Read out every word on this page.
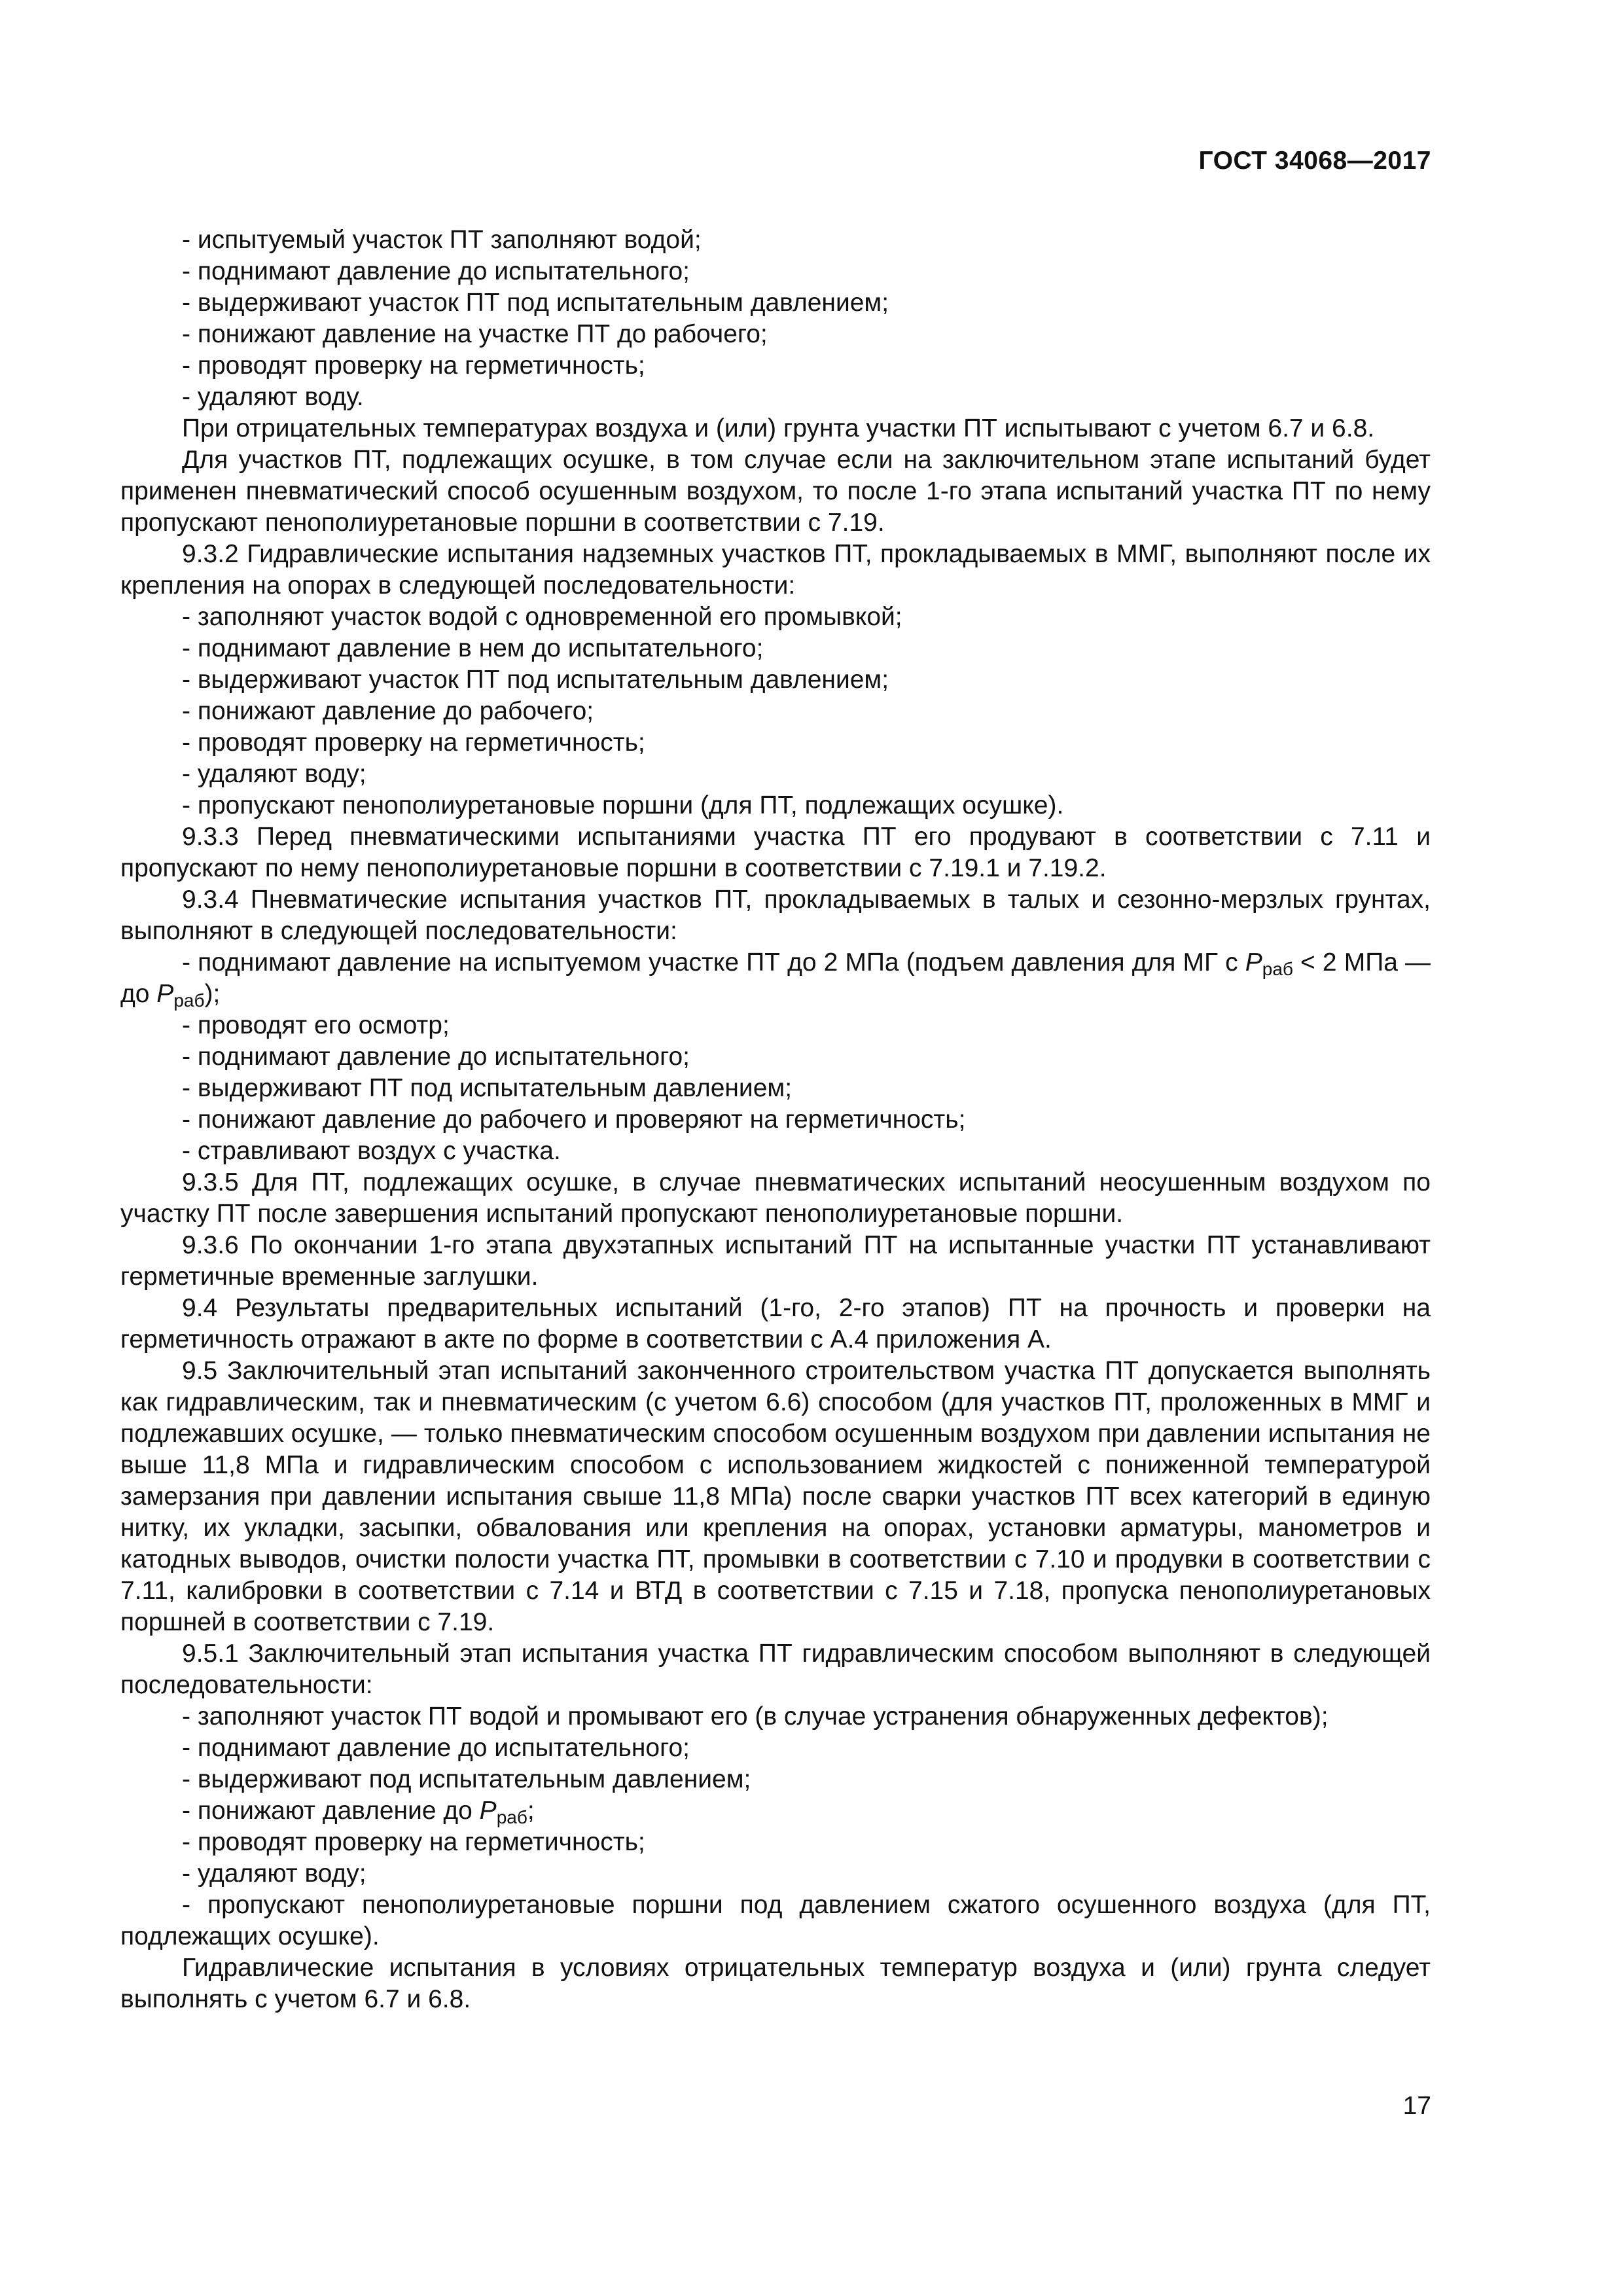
ГОСТ 34068—2017

- испытуемый участок ПТ заполняют водой;

- поднимают давление до испытательного;

- выдерживают участок ПТ под испытательным давлением;

- понижают давление на участке ПТ до рабочего;

- проводят проверку на герметичность;

- удаляют воду.

При отрицательных температурах воздуха и (или) грунта участки ПТ испытывают с учетом 6.7 и 6.8.

Для участков ПТ, подлежащих осушке, в том случае если на заключительном этапе испытаний будет применен пневматический способ осушенным воздухом, то после 1-го этапа испытаний участка ПТ по нему пропускают пенополиуретановые поршни в соответствии с 7.19.

9.3.2 Гидравлические испытания надземных участков ПТ, прокладываемых в ММГ, выполняют после их крепления на опорах в следующей последовательности:

- заполняют участок водой с одновременной его промывкой;

- поднимают давление в нем до испытательного;

- выдерживают участок ПТ под испытательным давлением;

- понижают давление до рабочего;

- проводят проверку на герметичность;

- удаляют воду;

- пропускают пенополиуретановые поршни (для ПТ, подлежащих осушке).

9.3.3 Перед пневматическими испытаниями участка ПТ его продувают в соответствии с 7.11 и пропускают по нему пенополиуретановые поршни в соответствии с 7.19.1 и 7.19.2.

9.3.4 Пневматические испытания участков ПТ, прокладываемых в талых и сезонно-мерзлых грунтах, выполняют в следующей последовательности:

- поднимают давление на испытуемом участке ПТ до 2 МПа (подъем давления для МГ с $P_{раб} < 2$ МПа — до $P_{раб}$);

- проводят его осмотр;

- поднимают давление до испытательного;

- выдерживают ПТ под испытательным давлением;

- понижают давление до рабочего и проверяют на герметичность;

- стравливают воздух с участка.

9.3.5 Для ПТ, подлежащих осушке, в случае пневматических испытаний неосушенным воздухом по участку ПТ после завершения испытаний пропускают пенополиуретановые поршни.

9.3.6 По окончании 1-го этапа двухэтапных испытаний ПТ на испытанные участки ПТ устанавливают герметичные временные заглушки.

9.4 Результаты предварительных испытаний (1-го, 2-го этапов) ПТ на прочность и проверки на герметичность отражают в акте по форме в соответствии с А.4 приложения А.

9.5 Заключительный этап испытаний законченного строительством участка ПТ допускается выполнять как гидравлическим, так и пневматическим (с учетом 6.6) способом (для участков ПТ, проложенных в ММГ и подлежавших осушке, — только пневматическим способом осушенным воздухом при давлении испытания не выше 11,8 МПа и гидравлическим способом с использованием жидкостей с пониженной температурой замерзания при давлении испытания свыше 11,8 МПа) после сварки участков ПТ всех категорий в единую нитку, их укладки, засыпки, обвалования или крепления на опорах, установки арматуры, манометров и катодных выводов, очистки полости участка ПТ, промывки в соответствии с 7.10 и продувки в соответствии с 7.11, калибровки в соответствии с 7.14 и ВТД в соответствии с 7.15 и 7.18, пропуска пенополиуретановых поршней в соответствии с 7.19.

9.5.1 Заключительный этап испытания участка ПТ гидравлическим способом выполняют в следующей последовательности:

- заполняют участок ПТ водой и промывают его (в случае устранения обнаруженных дефектов);

- поднимают давление до испытательного;

- выдерживают под испытательным давлением;

- понижают давление до $P_{раб}$;

- проводят проверку на герметичность;

- удаляют воду;

- пропускают пенополиуретановые поршни под давлением сжатого осушенного воздуха (для ПТ, подлежащих осушке).

Гидравлические испытания в условиях отрицательных температур воздуха и (или) грунта следует выполнять с учетом 6.7 и 6.8.

17
